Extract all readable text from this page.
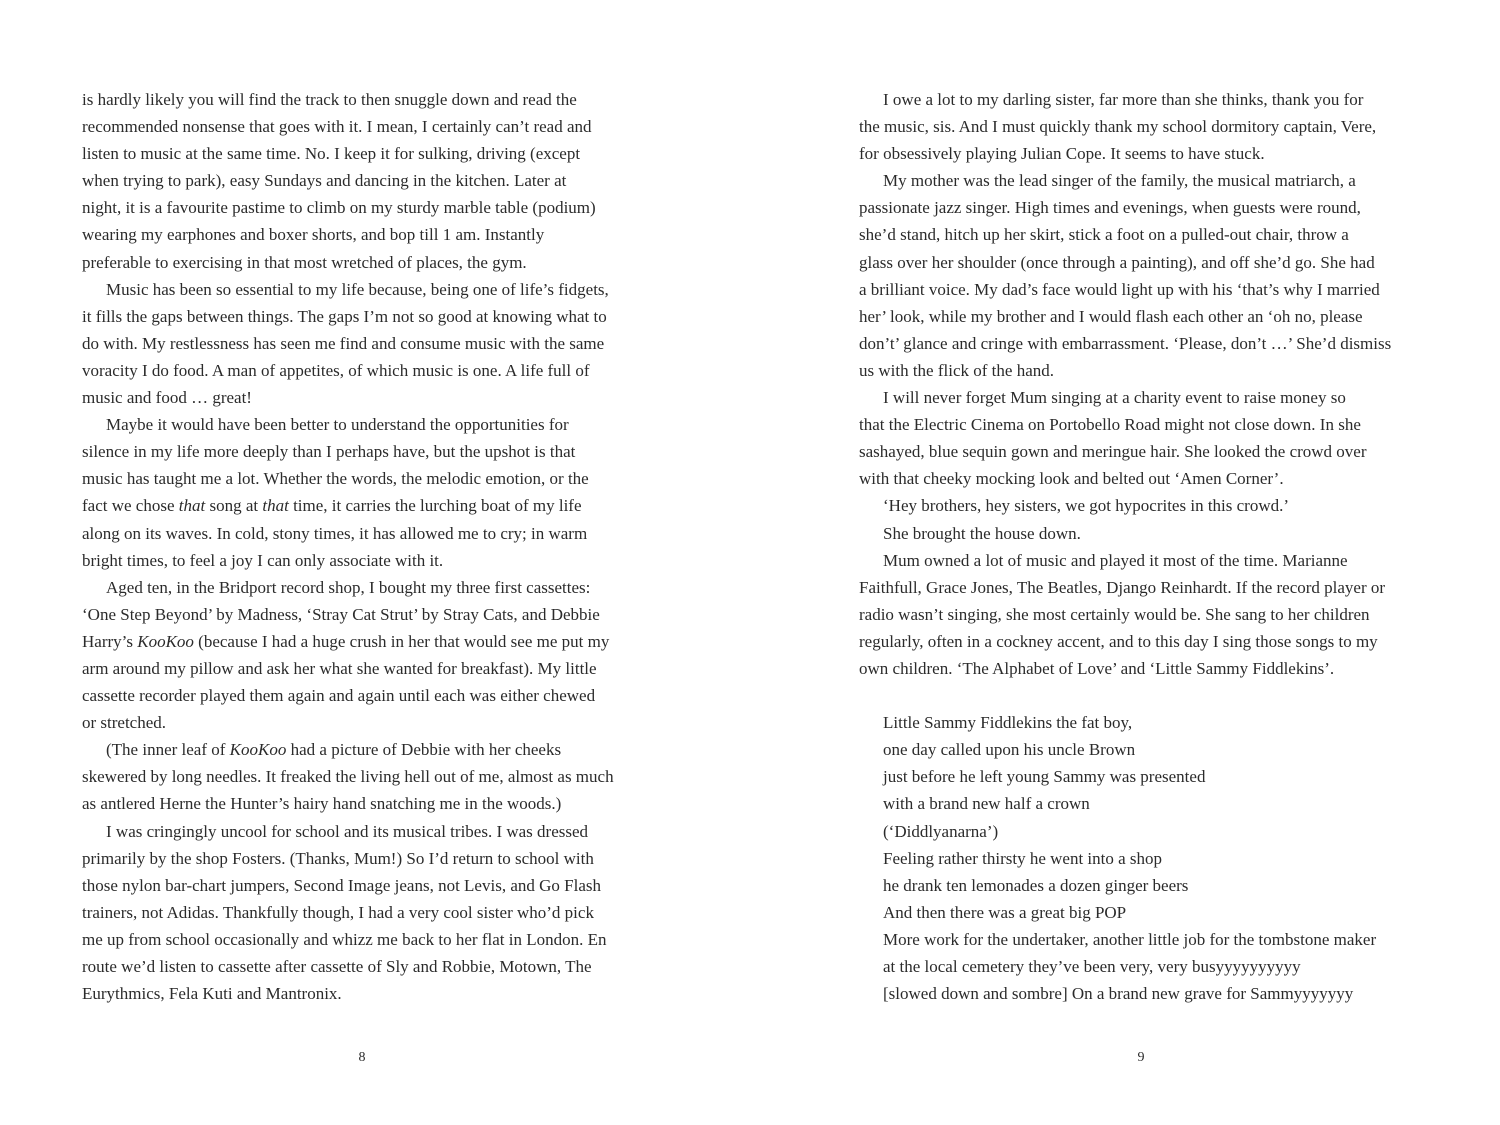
is hardly likely you will find the track to then snuggle down and read the
recommended nonsense that goes with it. I mean, I certainly can’t read and
listen to music at the same time. No. I keep it for sulking, driving (except
when trying to park), easy Sundays and dancing in the kitchen. Later at
night, it is a favourite pastime to climb on my sturdy marble table (podium)
wearing my earphones and boxer shorts, and bop till 1 am. Instantly
preferable to exercising in that most wretched of places, the gym.
Music has been so essential to my life because, being one of life’s fidgets,
it fills the gaps between things. The gaps I’m not so good at knowing what to
do with. My restlessness has seen me find and consume music with the same
voracity I do food. A man of appetites, of which music is one. A life full of
music and food … great!
Maybe it would have been better to understand the opportunities for
silence in my life more deeply than I perhaps have, but the upshot is that
music has taught me a lot. Whether the words, the melodic emotion, or the
fact we chose that song at that time, it carries the lurching boat of my life
along on its waves. In cold, stony times, it has allowed me to cry; in warm
bright times, to feel a joy I can only associate with it.
Aged ten, in the Bridport record shop, I bought my three first cassettes:
‘One Step Beyond’ by Madness, ‘Stray Cat Strut’ by Stray Cats, and Debbie
Harry’s KooKoo (because I had a huge crush in her that would see me put my
arm around my pillow and ask her what she wanted for breakfast). My little
cassette recorder played them again and again until each was either chewed
or stretched.
(The inner leaf of KooKoo had a picture of Debbie with her cheeks
skewered by long needles. It freaked the living hell out of me, almost as much
as antlered Herne the Hunter’s hairy hand snatching me in the woods.)
I was cringingly uncool for school and its musical tribes. I was dressed
primarily by the shop Fosters. (Thanks, Mum!) So I’d return to school with
those nylon bar-chart jumpers, Second Image jeans, not Levis, and Go Flash
trainers, not Adidas. Thankfully though, I had a very cool sister who’d pick
me up from school occasionally and whizz me back to her flat in London. En
route we’d listen to cassette after cassette of Sly and Robbie, Motown, The
Eurythmics, Fela Kuti and Mantronix.
8
I owe a lot to my darling sister, far more than she thinks, thank you for
the music, sis. And I must quickly thank my school dormitory captain, Vere,
for obsessively playing Julian Cope. It seems to have stuck.
My mother was the lead singer of the family, the musical matriarch, a
passionate jazz singer. High times and evenings, when guests were round,
she’d stand, hitch up her skirt, stick a foot on a pulled-out chair, throw a
glass over her shoulder (once through a painting), and off she’d go. She had
a brilliant voice. My dad’s face would light up with his ‘that’s why I married
her’ look, while my brother and I would flash each other an ‘oh no, please
don’t’ glance and cringe with embarrassment. ‘Please, don’t …’ She’d dismiss
us with the flick of the hand.
I will never forget Mum singing at a charity event to raise money so
that the Electric Cinema on Portobello Road might not close down. In she
sashayed, blue sequin gown and meringue hair. She looked the crowd over
with that cheeky mocking look and belted out ‘Amen Corner’.
‘Hey brothers, hey sisters, we got hypocrites in this crowd.’
She brought the house down.
Mum owned a lot of music and played it most of the time. Marianne
Faithfull, Grace Jones, The Beatles, Django Reinhardt. If the record player or
radio wasn’t singing, she most certainly would be. She sang to her children
regularly, often in a cockney accent, and to this day I sing those songs to my
own children. ‘The Alphabet of Love’ and ‘Little Sammy Fiddlekins’.
Little Sammy Fiddlekins the fat boy,
one day called upon his uncle Brown
just before he left young Sammy was presented
with a brand new half a crown
(‘Diddlyanarna’)
Feeling rather thirsty he went into a shop
he drank ten lemonades a dozen ginger beers
And then there was a great big POP
More work for the undertaker, another little job for the tombstone maker
at the local cemetery they’ve been very, very busyyyyyyyyyy
[slowed down and sombre] On a brand new grave for Sammyyyyyyy
9
